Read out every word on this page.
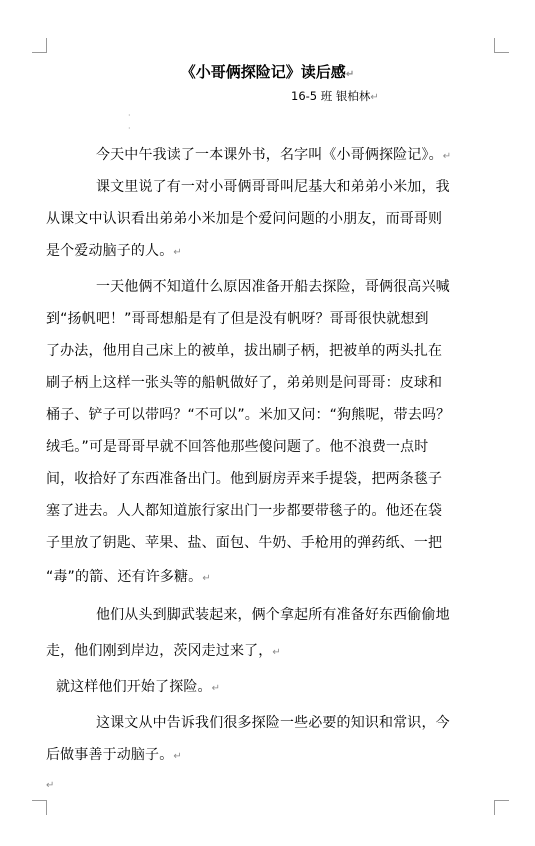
《小哥俩探险记》读后感↵
16-5 班 银柏林↵
·
·
今天中午我读了一本课外书，名字叫《小哥俩探险记》。↵
课文里说了有一对小哥俩哥哥叫尼基大和弟弟小米加，我
从课文中认识看出弟弟小米加是个爱问问题的小朋友，而哥哥则
是个爱动脑子的人。↵
一天他俩不知道什么原因准备开船去探险，哥俩很高兴喊
到“扬帆吧！”哥哥想船是有了但是没有帆呀？哥哥很快就想到
了办法，他用自己床上的被单，拔出刷子柄，把被单的两头扎在
刷子柄上这样一张头等的船帆做好了，弟弟则是问哥哥：皮球和
桶子、铲子可以带吗？“不可以”。米加又问：“狗熊呢，带去吗？
绒毛。”可是哥哥早就不回答他那些傻问题了。他不浪费一点时
间，收拾好了东西准备出门。他到厨房弄来手提袋，把两条毯子
塞了进去。人人都知道旅行家出门一步都要带毯子的。他还在袋
子里放了钥匙、苹果、盐、面包、牛奶、手枪用的弹药纸、一把
“毒”的箭、还有许多糖。↵
他们从头到脚武装起来，俩个拿起所有准备好东西偷偷地
走，他们刚到岸边，茨冈走过来了，↵
就这样他们开始了探险。↵
这课文从中告诉我们很多探险一些必要的知识和常识，今
后做事善于动脑子。↵
↵
